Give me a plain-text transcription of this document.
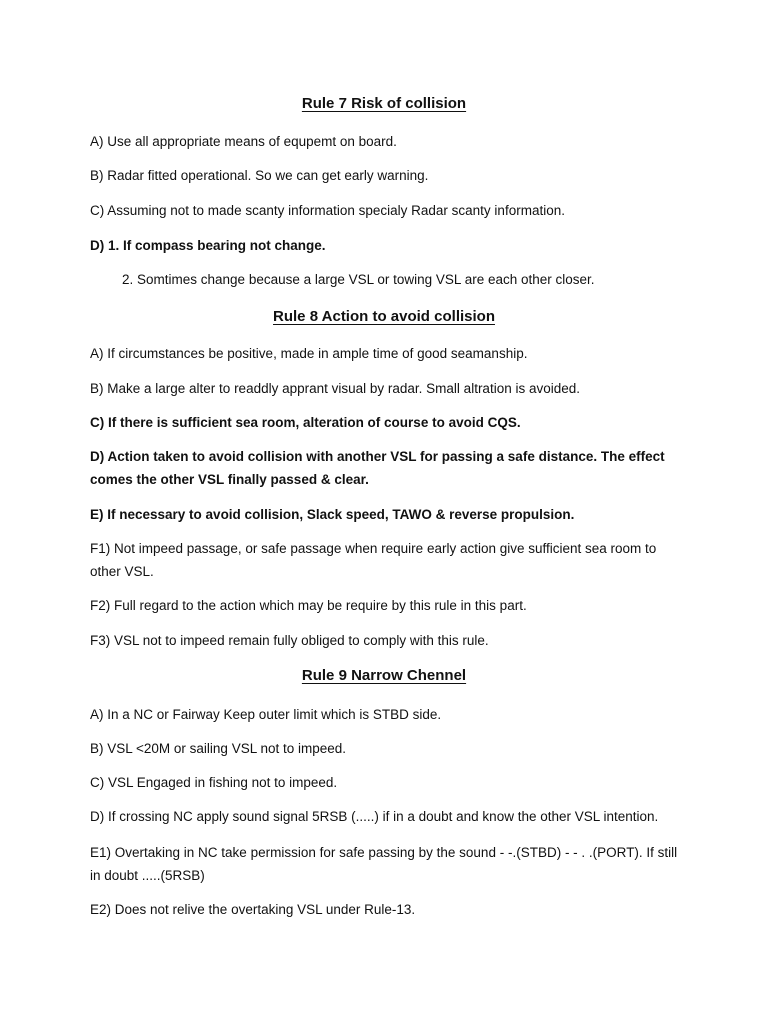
Rule 7 Risk of collision
A) Use all appropriate means of equpemt on board.
B) Radar fitted operational. So we can get early warning.
C) Assuming not to made scanty information specialy Radar scanty information.
D) 1. If compass bearing not change.
2. Somtimes change because a large VSL or towing VSL are each other closer.
Rule 8 Action to avoid collision
A) If circumstances be positive, made in ample time of good seamanship.
B) Make a large alter to readdly apprant visual by radar. Small altration is avoided.
C) If there is sufficient sea room, alteration of course to avoid CQS.
D) Action taken to avoid collision with another VSL for passing a safe distance. The effect comes the other VSL finally passed & clear.
E) If necessary to avoid collision, Slack speed, TAWO & reverse propulsion.
F1) Not impeed passage, or safe passage when require early action give sufficient sea room to other VSL.
F2) Full regard to the action which may be require by this rule in this part.
F3) VSL not to impeed remain fully obliged to comply with this rule.
Rule 9 Narrow Chennel
A) In a NC or Fairway Keep outer limit which is STBD side.
B) VSL <20M or sailing VSL not to impeed.
C) VSL Engaged in fishing not to impeed.
D) If crossing NC apply sound signal 5RSB (.....) if in a doubt and know the other VSL intention.
E1) Overtaking in NC take permission for safe passing by the sound - -.(STBD) - - . .(PORT). If still in doubt .....(5RSB)
E2) Does not relive the overtaking VSL under Rule-13.
